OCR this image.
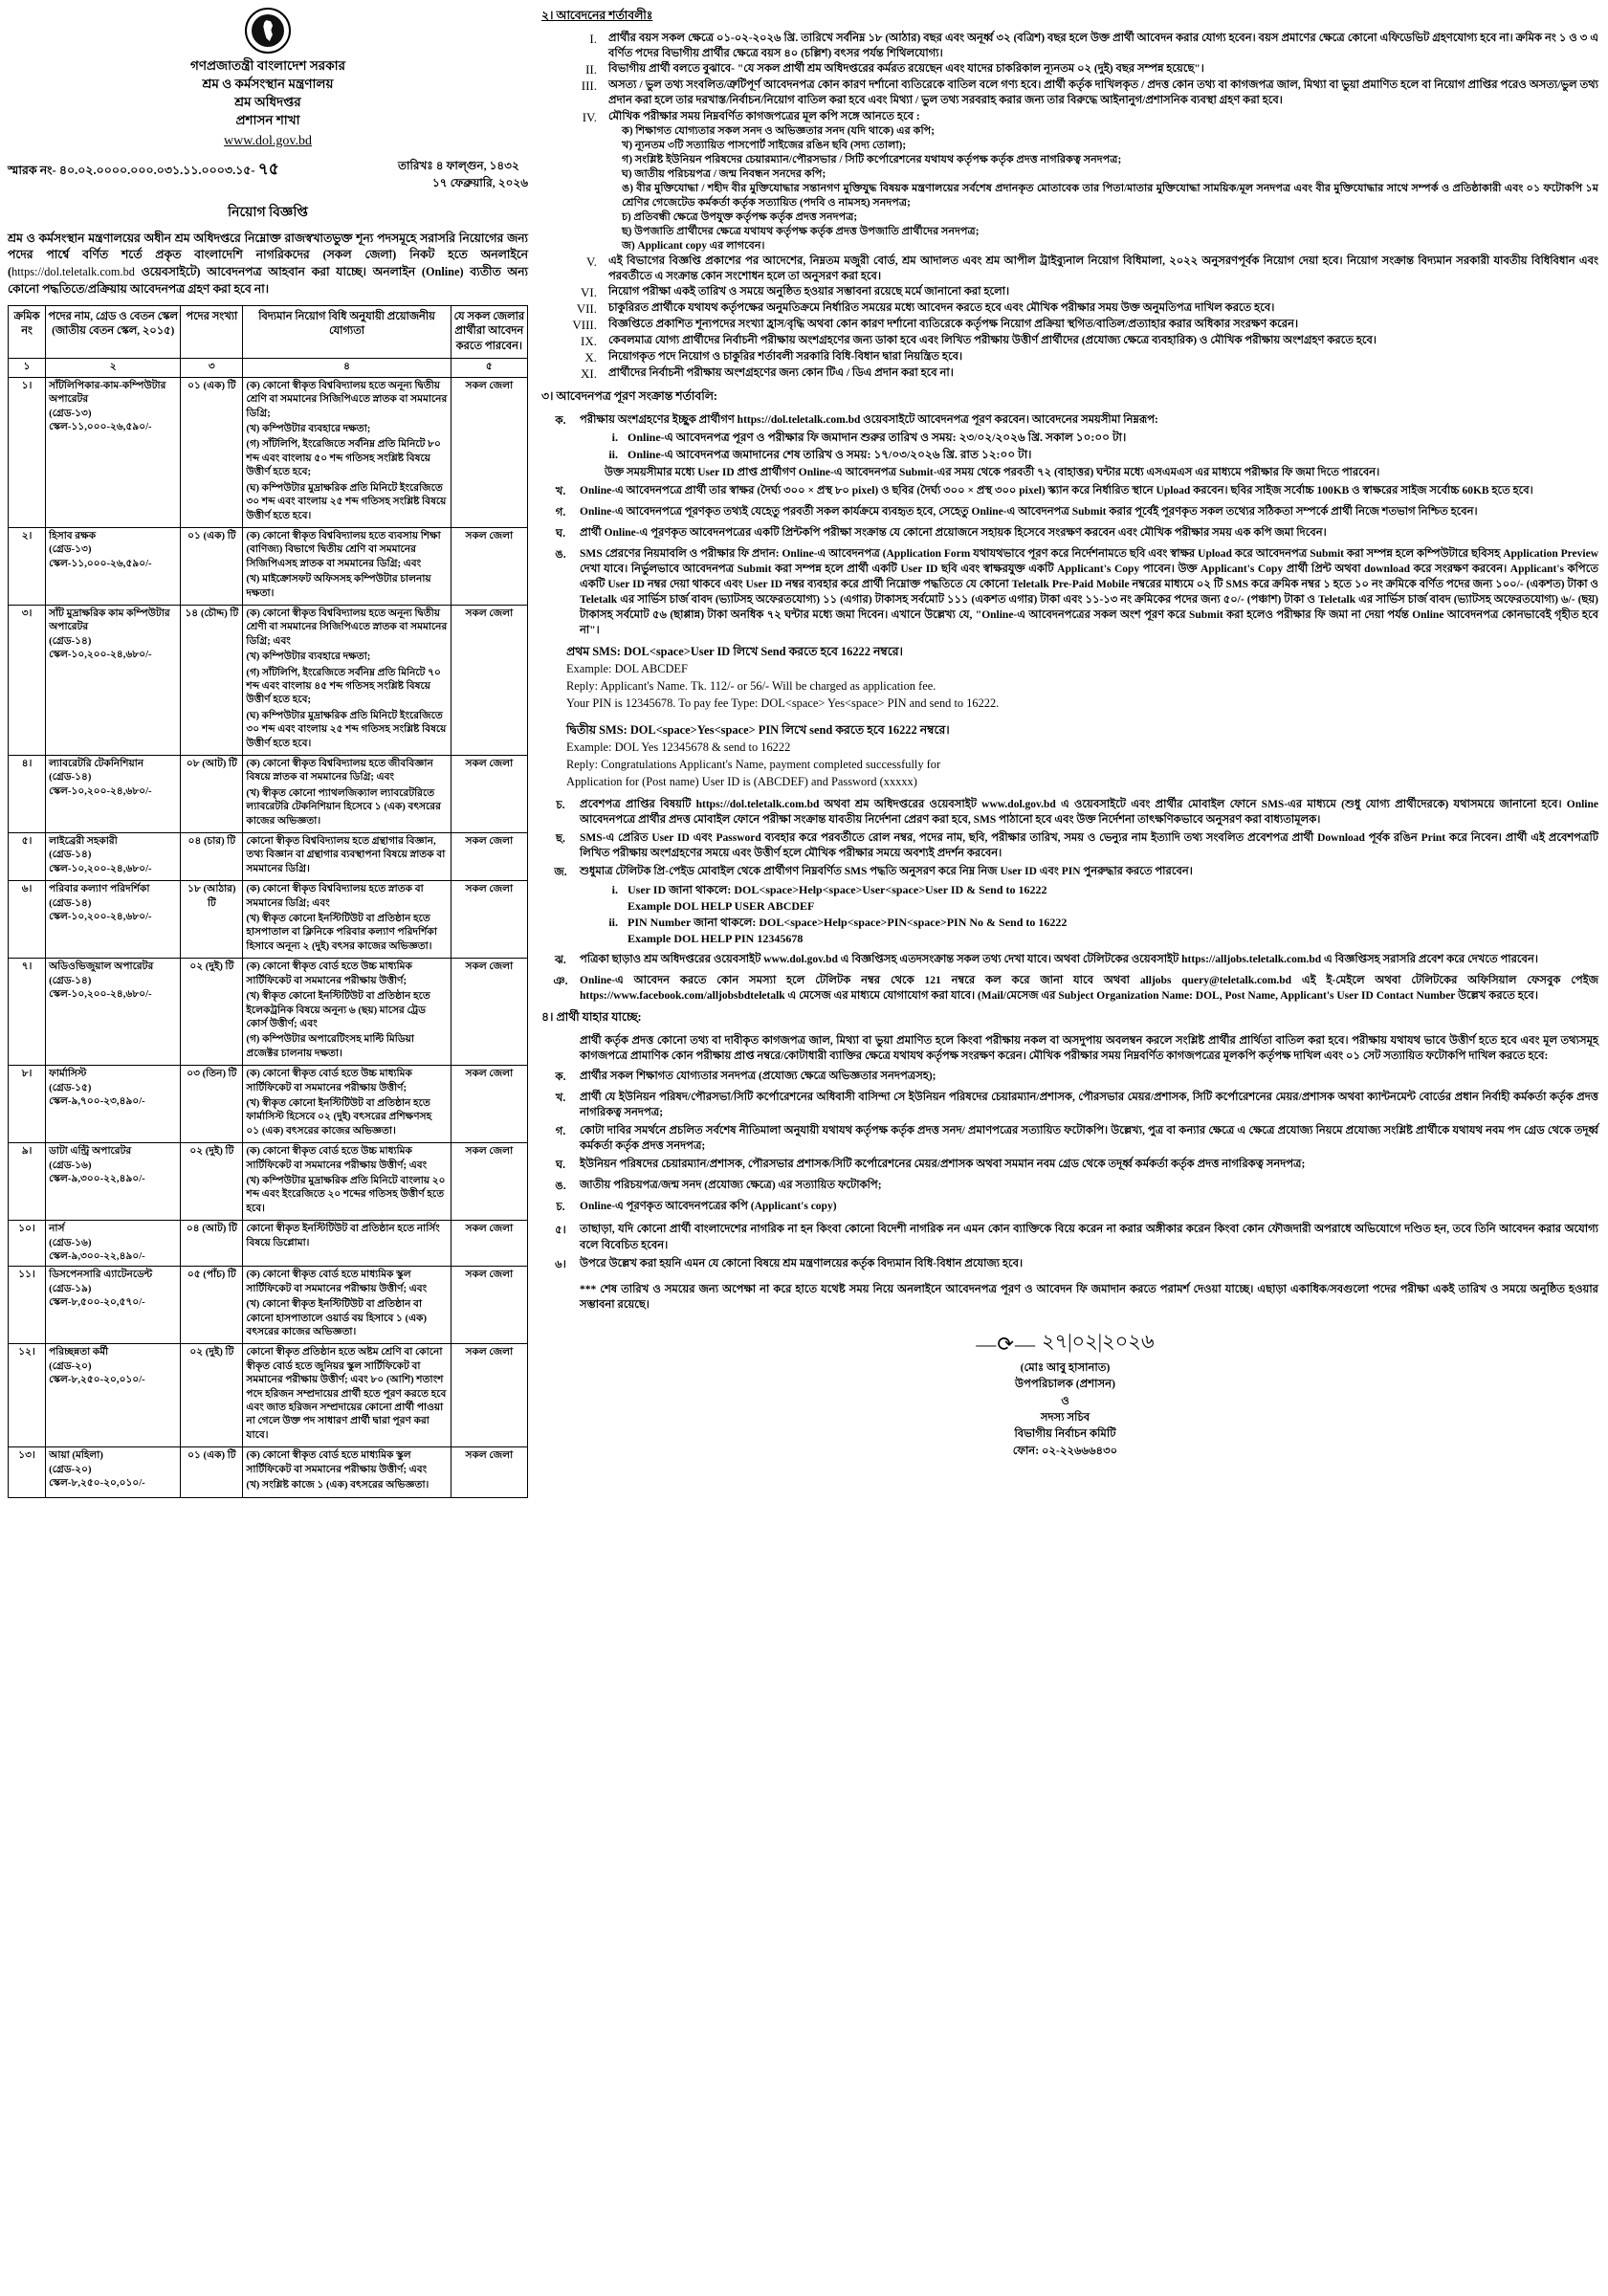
গণপ্রজাতন্ত্রী বাংলাদেশ সরকার
শ্রম ও কর্মসংস্থান মন্ত্রণালয়
শ্রম অধিদপ্তর
প্রশাসন শাখা
www.dol.gov.bd
স্মারক নং- ৪০.০২.০০০০.০০০.০৩১.১১.০০০৩.১৫- ৭৫	তারিখঃ ৪ ফাল্গুন, ১৪৩২
১৭ ফেব্রুয়ারি, ২০২৬
নিয়োগ বিজ্ঞপ্তি
শ্রম ও কর্মসংস্থান মন্ত্রণালয়ের অধীন শ্রম অধিদপ্তরে নিম্নোক্ত রাজস্বখাতভুক্ত শূন্য পদসমূহে সরাসরি নিয়োগের জন্য পদের পার্শ্বে বর্ণিত শর্তে প্রকৃত বাংলাদেশি নাগরিকদের (সকল জেলা) নিকট হতে অনলাইনে (https://dol.teletalk.com.bd ওয়েবসাইটে) আবেদনপত্র আহবান করা যাচ্ছে। অনলাইন (Online) ব্যতীত অন্য কোনো পদ্ধতিতে/প্রক্রিয়ায় আবেদনপত্র গ্রহণ করা হবে না।
ক্রমিক নং	পদের নাম, গ্রেড ও বেতন স্কেল (জাতীয় বেতন স্কেল, ২০১৫)	পদের সংখ্যা	বিদ্যমান নিয়োগ বিধি অনুযায়ী প্রয়োজনীয় যোগ্যতা	যে সকল জেলার প্রার্থীরা আবেদন করতে পারবেন।
১	২	৩	৪	৫
১।	সাঁটলিপিকার-কাম-কম্পিউটার অপারেটর
(গ্রেড-১৩)
স্কেল-১১,০০০-২৬,৫৯০/-
	০১ (এক) টি	(ক) কোনো স্বীকৃত বিশ্ববিদ্যালয় হতে অনূন্য দ্বিতীয় শ্রেণি বা সমমানের সিজিপিএতে স্নাতক বা সমমানের ডিগ্রি;
(খ) কম্পিউটার ব্যবহারে দক্ষতা;
(গ) সাঁটলিপি, ইংরেজিতে সর্বনিম্ন প্রতি মিনিটে ৮০ শব্দ এবং বাংলায় ৫০ শব্দ গতিসহ সংশ্লিষ্ট বিষয়ে উত্তীর্ণ হতে হবে;
(ঘ) কম্পিউটার মুদ্রাক্ষরিক প্রতি মিনিটে ইংরেজিতে ৩০ শব্দ এবং বাংলায় ২৫ শব্দ গতিসহ সংশ্লিষ্ট বিষয়ে উত্তীর্ণ হতে হবে।
	সকল জেলা
২।	হিসাব রক্ষক
(গ্রেড-১৩)
স্কেল-১১,০০০-২৬,৫৯০/-	০১ (এক) টি	(ক) কোনো স্বীকৃত বিশ্ববিদ্যালয় হতে ব্যবসায় শিক্ষা (বাণিজ্য) বিভাগে দ্বিতীয় শ্রেণি বা সমমানের সিজিপিএসহ স্নাতক বা সমমানের ডিগ্রি; এবং
(খ) মাইক্রোসফট অফিসসহ কম্পিউটার চালনায় দক্ষতা।	সকল জেলা
৩।	সাঁট মুদ্রাক্ষরিক কাম কম্পিউটার অপারেটর
(গ্রেড-১৪)
স্কেল-১০,২০০-২৪,৬৮০/-
	১৪ (চৌদ্দ) টি	(ক) কোনো স্বীকৃত বিশ্ববিদ্যালয় হতে অনূন্য দ্বিতীয় শ্রেণী বা সমমানের সিজিপিএতে স্নাতক বা সমমানের ডিগ্রি; এবং
(খ) কম্পিউটার ব্যবহারে দক্ষতা;
(গ) সাঁটলিপি, ইংরেজিতে সর্বনিম্ন প্রতি মিনিটে ৭০ শব্দ এবং বাংলায় ৪৫ শব্দ গতিসহ সংশ্লিষ্ট বিষয়ে উত্তীর্ণ হতে হবে;
(ঘ) কম্পিউটার মুদ্রাক্ষরিক প্রতি মিনিটে ইংরেজিতে ৩০ শব্দ এবং বাংলায় ২৫ শব্দ গতিসহ সংশ্লিষ্ট বিষয়ে উত্তীর্ণ হতে হবে।
	সকল জেলা
৪।	ল্যাবরেটরি টেকনিশিয়ান
(গ্রেড-১৪)
স্কেল-১০,২০০-২৪,৬৮০/-	০৮ (আট) টি	(ক) কোনো স্বীকৃত বিশ্ববিদ্যালয় হতে জীববিজ্ঞান বিষয়ে স্নাতক বা সমমানের ডিগ্রি; এবং
(খ) স্বীকৃত কোনো প্যাথলজিক্যাল ল্যাবরেটরিতে ল্যাবরেটরি টেকনিশিয়ান হিসেবে ১ (এক) বৎসরের কাজের অভিজ্ঞতা।	সকল জেলা
৫।	লাইব্রেরী সহকারী
(গ্রেড-১৪)
স্কেল-১০,২০০-২৪,৬৮০/-	০৪ (চার) টি	কোনো স্বীকৃত বিশ্ববিদ্যালয় হতে গ্রন্থাগার বিজ্ঞান, তথ্য বিজ্ঞান বা গ্রন্থাগার ব্যবস্থাপনা বিষয়ে স্নাতক বা সমমানের ডিগ্রি।	সকল জেলা
৬।	পরিবার কল্যাণ পরিদর্শিকা
(গ্রেড-১৪)
স্কেল-১০,২০০-২৪,৬৮০/-	১৮ (আঠার) টি	(ক) কোনো স্বীকৃত বিশ্ববিদ্যালয় হতে স্নাতক বা সমমানের ডিগ্রি; এবং
(খ) স্বীকৃত কোনো ইনস্টিটিউট বা প্রতিষ্ঠান হতে হাসপাতাল বা ক্লিনিকে পরিবার কল্যাণ পরিদর্শিকা হিসাবে অনূন্য ২ (দুই) বৎসর কাজের অভিজ্ঞতা।	সকল জেলা
৭।	অডিওভিজুয়াল অপারেটর
(গ্রেড-১৪)
স্কেল-১০,২০০-২৪,৬৮০/-
	০২ (দুই) টি	(ক) কোনো স্বীকৃত বোর্ড হতে উচ্চ মাধ্যমিক সার্টিফিকেট বা সমমানের পরীক্ষায় উত্তীর্ণ;
(খ) স্বীকৃত কোনো ইনস্টিটিউট বা প্রতিষ্ঠান হতে ইলেকট্রনিক বিষয়ে অনূন্য ৬ (ছয়) মাসের ট্রেড কোর্স উত্তীর্ণ; এবং
(গ) কম্পিউটার অপারেটিংসহ মাল্টি মিডিয়া প্রজেক্টর চালনায় দক্ষতা।
	সকল জেলা
৮।	ফার্মাসিস্ট
(গ্রেড-১৫)
স্কেল-৯,৭০০-২৩,৪৯০/-
	০৩ (তিন) টি	(ক) কোনো স্বীকৃত বোর্ড হতে উচ্চ মাধ্যমিক সার্টিফিকেট বা সমমানের পরীক্ষায় উত্তীর্ণ;
(খ) স্বীকৃত কোনো ইনস্টিটিউট বা প্রতিষ্ঠান হতে ফার্মাসিস্ট হিসেবে ০২ (দুই) বৎসরের প্রশিক্ষণসহ ০১ (এক) বৎসরের কাজের অভিজ্ঞতা।
	সকল জেলা
৯।	ডাটা এন্ট্রি অপারেটর
(গ্রেড-১৬)
স্কেল-৯,৩০০-২২,৪৯০/-	০২ (দুই) টি	(ক) কোনো স্বীকৃত বোর্ড হতে উচ্চ মাধ্যমিক সার্টিফিকেট বা সমমানের পরীক্ষায় উত্তীর্ণ; এবং
(খ) কম্পিউটার মুদ্রাক্ষরিক প্রতি মিনিটে বাংলায় ২০ শব্দ এবং ইংরেজিতে ২০ শব্দের গতিসহ উত্তীর্ণ হতে হবে।	সকল জেলা
১০।	নার্স
(গ্রেড-১৬)
স্কেল-৯,৩০০-২২,৪৯০/-	০৪ (আট) টি	কোনো স্বীকৃত ইনস্টিটিউট বা প্রতিষ্ঠান হতে নার্সিং বিষয়ে ডিপ্লোমা।	সকল জেলা
১১।	ডিসপেনসারি এ্যাটেনডেন্ট
(গ্রেড-১৯)
স্কেল-৮,৫০০-২০,৫৭০/-	০৫ (পাঁচ) টি	(ক) কোনো স্বীকৃত বোর্ড হতে মাধ্যমিক স্কুল সার্টিফিকেট বা সমমানের পরীক্ষায় উত্তীর্ণ; এবং
(খ) কোনো স্বীকৃত ইনস্টিটিউট বা প্রতিষ্ঠান বা কোনো হাসপাতালে ওয়ার্ড বয় হিসাবে ১ (এক) বৎসরের কাজের অভিজ্ঞতা।	সকল জেলা
১২।	পরিচ্ছন্নতা কর্মী
(গ্রেড-২০)
স্কেল-৮,২৫০-২০,০১০/-
	০২ (দুই) টি	কোনো স্বীকৃত প্রতিষ্ঠান হতে অষ্টম শ্রেণি বা কোনো স্বীকৃত বোর্ড হতে জুনিয়র স্কুল সার্টিফিকেট বা সমমানের পরীক্ষায় উত্তীর্ণ; এবং ৮০ (আশি) শতাংশ পদে হরিজন সম্প্রদায়ের প্রার্থী হতে পূরণ করতে হবে এবং জাত হরিজন সম্প্রদায়ের কোনো প্রার্থী পাওয়া না গেলে উক্ত পদ সাধারণ প্রার্থী দ্বারা পূরণ করা যাবে।
	সকল জেলা
১৩।	আয়া (মহিলা)
(গ্রেড-২০)
স্কেল-৮,২৫০-২০,০১০/-	০১ (এক) টি	(ক) কোনো স্বীকৃত বোর্ড হতে মাধ্যমিক স্কুল সার্টিফিকেট বা সমমানের পরীক্ষায় উত্তীর্ণ; এবং
(খ) সংশ্লিষ্ট কাজে ১ (এক) বৎসরের অভিজ্ঞতা।	সকল জেলা
২। আবেদনের শর্তাবলীঃ
I.	প্রার্থীর বয়স সকল ক্ষেত্রে ০১-০২-২০২৬ খ্রি. তারিখে সর্বনিম্ন ১৮ (আঠার) বছর এবং অনূর্ধ্ব ৩২ (বত্রিশ) বছর হলে উক্ত প্রার্থী আবেদন করার যোগ্য হবেন। বয়স প্রমাণের ক্ষেত্রে কোনো এফিডেভিট গ্রহণযোগ্য হবে না। ক্রমিক নং ১ ও ৩ এ বর্ণিত পদের বিভাগীয় প্রার্থীর ক্ষেত্রে বয়স ৪০ (চল্লিশ) বৎসর পর্যন্ত শিথিলযোগ্য।
II.	বিভাগীয় প্রার্থী বলতে বুঝাবে- "যে সকল প্রার্থী শ্রম অধিদপ্তরের কর্মরত রয়েছেন এবং যাদের চাকরিকাল ন্যূনতম ০২ (দুই) বছর সম্পন্ন হয়েছে"।
III.	অসত্য / ভুল তথ্য সংবলিত/ত্রুটিপূর্ণ আবেদনপত্র কোন কারণ দর্শানো ব্যতিরেকে বাতিল বলে গণ্য হবে। প্রার্থী কর্তৃক দাখিলকৃত / প্রদত্ত কোন তথ্য বা কাগজপত্র জাল, মিথ্যা বা ভুয়া প্রমাণিত হলে বা নিয়োগ প্রাপ্তির পরেও অসত্য/ভুল তথ্য প্রদান করা হলে তার দরখাস্ত/নির্বাচন/নিয়োগ বাতিল করা হবে এবং মিথ্যা / ভুল তথ্য সরবরাহ করার জন্য তার বিরুদ্ধে আইনানুগ/প্রশাসনিক ব্যবস্থা গ্রহণ করা হবে।
IV.	মৌখিক পরীক্ষার সময় নিম্নবর্ণিত কাগজপত্রের মূল কপি সঙ্গে আনতে হবে :
ক) শিক্ষাগত যোগ্যতার সকল সনদ ও অভিজ্ঞতার সনদ (যদি থাকে) এর কপি;
খ) ন্যূনতম ৩টি সত্যায়িত পাসপোর্ট সাইজের রঙিন ছবি (সদ্য তোলা);
গ) সংশ্লিষ্ট ইউনিয়ন পরিষদের চেয়ারম্যান/পৌরসভার / সিটি কর্পোরেশনের যথাযথ কর্তৃপক্ষ কর্তৃক প্রদত্ত নাগরিকত্ব সনদপত্র;
ঘ) জাতীয় পরিচয়পত্র / জন্ম নিবন্ধন সনদের কপি;
ঙ) বীর মুক্তিযোদ্ধা / শহীদ বীর মুক্তিযোদ্ধার সন্তানগণ মুক্তিযুদ্ধ বিষয়ক মন্ত্রণালয়ের সর্বশেষ প্রদানকৃত মোতাবেক তার পিতা/মাতার মুক্তিযোদ্ধা সাময়িক/মূল সনদপত্র এবং বীর মুক্তিযোদ্ধার সাথে সম্পর্ক ও প্রতিষ্ঠাকারী এবং ০১ ফটোকপি ১ম শ্রেণির গেজেটেড কর্মকর্তা কর্তৃক সত্যায়িত (পদবি ও নামসহ) সনদপত্র;
চ) প্রতিবন্ধী ক্ষেত্রে উপযুক্ত কর্তৃপক্ষ কর্তৃক প্রদত্ত সনদপত্র;
ছ) উপজাতি প্রার্থীদের ক্ষেত্রে যথাযথ কর্তৃপক্ষ কর্তৃক প্রদত্ত উপজাতি প্রার্থীদের সনদপত্র;
জ) Applicant copy এর লাগবেন।
V.	এই বিভাগের বিজ্ঞপ্তি প্রকাশের পর আদেশের, নিম্নতম মজুরী বোর্ড, শ্রম আদালত এবং শ্রম আপীল ট্রাইব্যুনাল নিয়োগ বিধিমালা, ২০২২ অনুসরণপূর্বক নিয়োগ দেয়া হবে। নিয়োগ সংক্রান্ত বিদ্যমান সরকারী যাবতীয় বিধিবিধান এবং পরবর্তীতে এ সংক্রান্ত কোন সংশোধন হলে তা অনুসরণ করা হবে।
VI.	নিয়োগ পরীক্ষা একই তারিখ ও সময়ে অনুষ্ঠিত হওয়ার সম্ভাবনা রয়েছে মর্মে জানানো করা হলো।
VII.	চাকুরিরত প্রার্থীকে যথাযথ কর্তৃপক্ষের অনুমতিক্রমে নির্ধারিত সময়ের মধ্যে আবেদন করতে হবে এবং মৌখিক পরীক্ষার সময় উক্ত অনুমতিপত্র দাখিল করতে হবে।
VIII.	বিজ্ঞপ্তিতে প্রকাশিত শূন্যপদের সংখ্যা হ্রাস/বৃদ্ধি অথবা কোন কারণ দর্শানো ব্যতিরেকে কর্তৃপক্ষ নিয়োগ প্রক্রিয়া স্থগিত/বাতিল/প্রত্যাহার করার অধিকার সংরক্ষণ করেন।
IX.	কেবলমাত্র যোগ্য প্রার্থীদের নির্বাচনী পরীক্ষায় অংশগ্রহণের জন্য ডাকা হবে এবং লিখিত পরীক্ষায় উত্তীর্ণ প্রার্থীদের (প্রযোজ্য ক্ষেত্রে ব্যবহারিক) ও মৌখিক পরীক্ষায় অংশগ্রহণ করতে হবে।
X.	নিয়োগকৃত পদে নিয়োগ ও চাকুরির শর্তাবলী সরকারি বিধি-বিধান দ্বারা নিয়ন্ত্রিত হবে।
XI.	প্রার্থীদের নির্বাচনী পরীক্ষায় অংশগ্রহণের জন্য কোন টিএ / ডিএ প্রদান করা হবে না।
৩। আবেদনপত্র পূরণ সংক্রান্ত শর্তাবলি:
ক.	পরীক্ষায় অংশগ্রহণের ইচ্ছুক প্রার্থীগণ https://dol.teletalk.com.bd ওয়েবসাইটে আবেদনপত্র পূরণ করবেন। আবেদনের সময়সীমা নিম্নরূপ:
i. Online-এ আবেদনপত্র পূরণ ও পরীক্ষার ফি জমাদান শুরুর তারিখ ও সময়: ২৩/০২/২০২৬ খ্রি. সকাল ১০:০০ টা।
ii. Online-এ আবেদনপত্র জমাদানের শেষ তারিখ ও সময়: ১৭/০৩/২০২৬ খ্রি. রাত ১২:০০ টা।
উক্ত সময়সীমার মধ্যে User ID প্রাপ্ত প্রার্থীগণ Online-এ আবেদনপত্র Submit-এর সময় থেকে পরবর্তী ৭২ (বাহাত্তর) ঘন্টার মধ্যে এসএমএস এর মাধ্যমে পরীক্ষার ফি জমা দিতে পারবেন।
খ.	Online-এ আবেদনপত্রে প্রার্থী তার স্বাক্ষর (দৈর্ঘ্য ৩০০ × প্রস্থ ৮০ pixel) ও ছবির (দৈর্ঘ্য ৩০০ × প্রস্থ ৩০০ pixel) স্ক্যান করে নির্ধারিত স্থানে Upload করবেন। ছবির সাইজ সর্বোচ্চ 100KB ও স্বাক্ষরের সাইজ সর্বোচ্চ 60KB হতে হবে।
গ.	Online-এ আবেদনপত্রে পূরণকৃত তথ্যই যেহেতু পরবর্তী সকল কার্যক্রমে ব্যবহৃত হবে, সেহেতু Online-এ আবেদনপত্র Submit করার পূর্বেই পূরণকৃত সকল তথ্যের সঠিকতা সম্পর্কে প্রার্থী নিজে শতভাগ নিশ্চিত হবেন।
ঘ.	প্রার্থী Online-এ পূরণকৃত আবেদনপত্রের একটি প্রিন্টকপি পরীক্ষা সংক্রান্ত যে কোনো প্রয়োজনে সহায়ক হিসেবে সংরক্ষণ করবেন এবং মৌখিক পরীক্ষার সময় এক কপি জমা দিবেন।
ঙ.	SMS প্রেরণের নিয়মাবলি ও পরীক্ষার ফি প্রদান: Online-এ আবেদনপত্র (Application Form যথাযথভাবে পূরণ করে নির্দেশনামতে ছবি এবং স্বাক্ষর Upload করে আবেদনপত্র Submit করা সম্পন্ন হলে কম্পিউটারে ছবিসহ Application Preview দেখা যাবে। নির্ভুলভাবে আবেদনপত্র Submit করা সম্পন্ন হলে প্রার্থী একটি User ID ছবি এবং স্বাক্ষরযুক্ত একটি Applicant's Copy পাবেন। উক্ত Applicant's Copy প্রার্থী প্রিন্ট অথবা download করে সংরক্ষণ করবেন। Applicant's কপিতে একটি User ID নম্বর দেয়া থাকবে এবং User ID নম্বর ব্যবহার করে প্রার্থী নিম্নোক্ত পদ্ধতিতে যে কোনো Teletalk Pre-Paid Mobile নম্বরের মাধ্যমে ০২ টি SMS করে ক্রমিক নম্বর ১ হতে ১০ নং ক্রমিকে বর্ণিত পদের জন্য ১০০/- (একশত) টাকা ও Teletalk এর সার্ভিস চার্জ বাবদ (ভ্যাটসহ অফেরতযোগ্য) ১১ (এগার) টাকাসহ সর্বমোট ১১১ (একশত এগার) টাকা এবং ১১-১৩ নং ক্রমিকের পদের জন্য ৫০/- (পঞ্চাশ) টাকা ও Teletalk এর সার্ভিস চার্জ বাবদ (ভ্যাটসহ অফেরতযোগ্য) ৬/- (ছয়) টাকাসহ সর্বমোট ৫৬ (ছাপ্পান্ন) টাকা অনধিক ৭২ ঘন্টার মধ্যে জমা দিবেন। এখানে উল্লেখ্য যে, "Online-এ আবেদনপত্রের সকল অংশ পূরণ করে Submit করা হলেও পরীক্ষার ফি জমা না দেয়া পর্যন্ত Online আবেদনপত্র কোনভাবেই গৃহীত হবে না"।
প্রথম SMS: DOL<space>User ID লিখে Send করতে হবে 16222 নম্বরে।
Example: DOL ABCDEF
Reply: Applicant's Name. Tk. 112/- or 56/- Will be charged as application fee.
Your PIN is 12345678. To pay fee Type: DOL<space> Yes<space> PIN and send to 16222.
দ্বিতীয় SMS: DOL<space>Yes<space> PIN লিখে send করতে হবে 16222 নম্বরে।
Example: DOL Yes 12345678 & send to 16222
Reply: Congratulations Applicant's Name, payment completed successfully for
Application for (Post name) User ID is (ABCDEF) and Password (xxxxx)
চ.	প্রবেশপত্র প্রাপ্তির বিষয়টি https://dol.teletalk.com.bd অথবা শ্রম অধিদপ্তরের ওয়েবসাইট www.dol.gov.bd এ ওয়েবসাইটে এবং প্রার্থীর মোবাইল ফোনে SMS-এর মাধ্যমে (শুধু যোগ্য প্রার্থীদেরকে) যথাসময়ে জানানো হবে। Online আবেদনপত্রে প্রার্থীর প্রদত্ত মোবাইল ফোনে পরীক্ষা সংক্রান্ত যাবতীয় নির্দেশনা প্রেরণ করা হবে, SMS পাঠানো হবে এবং উক্ত নির্দেশনা তাৎক্ষণিকভাবে অনুসরণ করা বাধ্যতামূলক।
ছ.	SMS-এ প্রেরিত User ID এবং Password ব্যবহার করে পরবর্তীতে রোল নম্বর, পদের নাম, ছবি, পরীক্ষার তারিখ, সময় ও ভেন্যুর নাম ইত্যাদি তথ্য সংবলিত প্রবেশপত্র প্রার্থী Download পূর্বক রঙিন Print করে নিবেন। প্রার্থী এই প্রবেশপত্রটি লিখিত পরীক্ষায় অংশগ্রহণের সময়ে এবং উত্তীর্ণ হলে মৌখিক পরীক্ষার সময়ে অবশ্যই প্রদর্শন করবেন।
জ.	শুধুমাত্র টেলিটক প্রি-পেইড মোবাইল থেকে প্রার্থীগণ নিম্নবর্ণিত SMS পদ্ধতি অনুসরণ করে নিম্ন নিজ User ID এবং PIN পুনরুদ্ধার করতে পারবেন।
i. User ID জানা থাকলে: DOL<space>Help<space>User<space>User ID & Send to 16222
Example DOL HELP USER ABCDEF
ii. PIN Number জানা থাকলে: DOL<space>Help<space>PIN<space>PIN No & Send to 16222
Example DOL HELP PIN 12345678
ঝ.	পত্রিকা ছাড়াও শ্রম অধিদপ্তরের ওয়েবসাইট www.dol.gov.bd এ বিজ্ঞপ্তিসহ এতদসংক্রান্ত সকল তথ্য দেখা যাবে। অথবা টেলিটকের ওয়েবসাইট https://alljobs.teletalk.com.bd এ বিজ্ঞপ্তিসহ সরাসরি প্রবেশ করে দেখতে পারবেন।
ঞ.	Online-এ আবেদন করতে কোন সমস্যা হলে টেলিটক নম্বর থেকে 121 নম্বরে কল করে জানা যাবে অথবা alljobs query@teletalk.com.bd এই ই-মেইলে অথবা টেলিটকের অফিসিয়াল ফেসবুক পেইজ https://www.facebook.com/alljobsbdteletalk এ মেসেজ এর মাধ্যমে যোগাযোগ করা যাবে। (Mail/মেসেজ এর Subject Organization Name: DOL, Post Name, Applicant's User ID Contact Number উল্লেখ করতে হবে।
৪। প্রার্থী যাহার যাচ্ছে:
প্রার্থী কর্তৃক প্রদত্ত কোনো তথ্য বা দাবীকৃত কাগজপত্র জাল, মিথ্যা বা ভুয়া প্রমাণিত হলে কিংবা পরীক্ষায় নকল বা অসদুপায় অবলম্বন করলে সংশ্লিষ্ট প্রার্থীর প্রার্থিতা বাতিল করা হবে। পরীক্ষায় যথাযথ ভাবে উত্তীর্ণ হতে হবে এবং মূল তথ্যসমূহ কাগজপত্রে প্রামাণিক কোন পরীক্ষায় প্রাপ্ত নম্বরে/কোটাধারী ব্যাক্তির ক্ষেত্রে যথাযথ কর্তৃপক্ষ সংরক্ষণ করেন। মৌখিক পরীক্ষার সময় নিম্নবর্ণিত কাগজপত্রের মূলকপি কর্তৃপক্ষ দাখিল এবং ০১ সেট সত্যায়িত ফটোকপি দাখিল করতে হবে:
ক.	প্রার্থীর সকল শিক্ষাগত যোগ্যতার সনদপত্র (প্রযোজ্য ক্ষেত্রে অভিজ্ঞতার সনদপত্রসহ);
খ.	প্রার্থী যে ইউনিয়ন পরিষদ/পৌরসভা/সিটি কর্পোরেশনের অধিবাসী বাসিন্দা সে ইউনিয়ন পরিষদের চেয়ারম্যান/প্রশাসক, পৌরসভার মেয়র/প্রশাসক, সিটি কর্পোরেশনের মেয়র/প্রশাসক অথবা ক্যান্টনমেন্ট বোর্ডের প্রধান নির্বাহী কর্মকর্তা কর্তৃক প্রদত্ত নাগরিকত্ব সনদপত্র;
গ.	কোটা দাবির সমর্থনে প্রচলিত সর্বশেষ নীতিমালা অনুযায়ী যথাযথ কর্তৃপক্ষ কর্তৃক প্রদত্ত সনদ/ প্রমাণপত্রের সত্যায়িত ফটোকপি। উল্লেখ্য, পুত্র বা কন্যার ক্ষেত্রে এ ক্ষেত্রে প্রযোজ্য নিয়মে প্রযোজ্য সংশ্লিষ্ট প্রার্থীকে যথাযথ নবম পদ গ্রেড থেকে তদূর্ধ্ব কর্মকর্তা কর্তৃক প্রদত্ত সনদপত্র;
ঘ.	ইউনিয়ন পরিষদের চেয়ারম্যান/প্রশাসক, পৌরসভার প্রশাসক/সিটি কর্পোরেশনের মেয়র/প্রশাসক অথবা সমমান নবম গ্রেড থেকে তদূর্ধ্ব কর্মকর্তা কর্তৃক প্রদত্ত নাগরিকত্ব সনদপত্র;
ঙ.	জাতীয় পরিচয়পত্র/জন্ম সনদ (প্রযোজ্য ক্ষেত্রে) এর সত্যায়িত ফটোকপি;
চ.	Online-এ পূরণকৃত আবেদনপত্রের কপি (Applicant's copy)
৫।	তাছাড়া, যদি কোনো প্রার্থী বাংলাদেশের নাগরিক না হন কিংবা কোনো বিদেশী নাগরিক নন এমন কোন ব্যাক্তিকে বিয়ে করেন না করার অঙ্গীকার করেন কিংবা কোন ফৌজদারী অপরাধে অভিযোগে দণ্ডিত হন, তবে তিনি আবেদন করার অযোগ্য বলে বিবেচিত হবেন।
৬।	উপরে উল্লেখ করা হয়নি এমন যে কোনো বিষয়ে শ্রম মন্ত্রণালয়ের কর্তৃক বিদ্যমান বিধি-বিধান প্রযোজ্য হবে।
*** শেষ তারিখ ও সময়ের জন্য অপেক্ষা না করে হাতে যথেষ্ট সময় নিয়ে অনলাইনে আবেদনপত্র পূরণ ও আবেদন ফি জমাদান করতে পরামর্শ দেওয়া যাচ্ছে। এছাড়া একাধিক/সবগুলো পদের পরীক্ষা একই তারিখ ও সময়ে অনুষ্ঠিত হওয়ার সম্ভাবনা রয়েছে।
—⟳— ২৭|০২|২০২৬
(মোঃ আবু হাসানাত)
উপপরিচালক (প্রশাসন)
ও
সদস্য সচিব
বিভাগীয় নির্বাচন কমিটি
ফোন: ০২-২২৬৬৬৪৩০
